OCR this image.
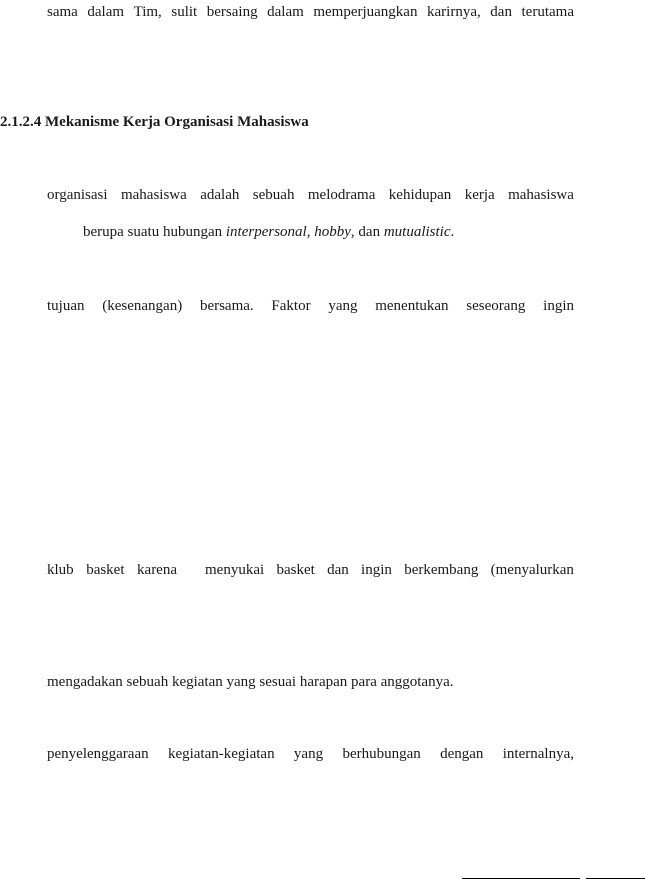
sama dalam Tim, sulit bersaing dalam memperjuangkan karirnya, dan terutama
2.1.2.4 Mekanisme Kerja Organisasi Mahasiswa
organisasi mahasiswa adalah sebuah melodrama kehidupan kerja mahasiswa
berupa suatu hubungan interpersonal, hobby, dan mutualistic.
tujuan (kesenangan) bersama. Faktor yang menentukan seseorang ingin
klub basket karena menyukai basket dan ingin berkembang (menyalurkan
mengadakan sebuah kegiatan yang sesuai harapan para anggotanya.
penyelenggaraan kegiatan-kegiatan yang berhubungan dengan internalnya,
